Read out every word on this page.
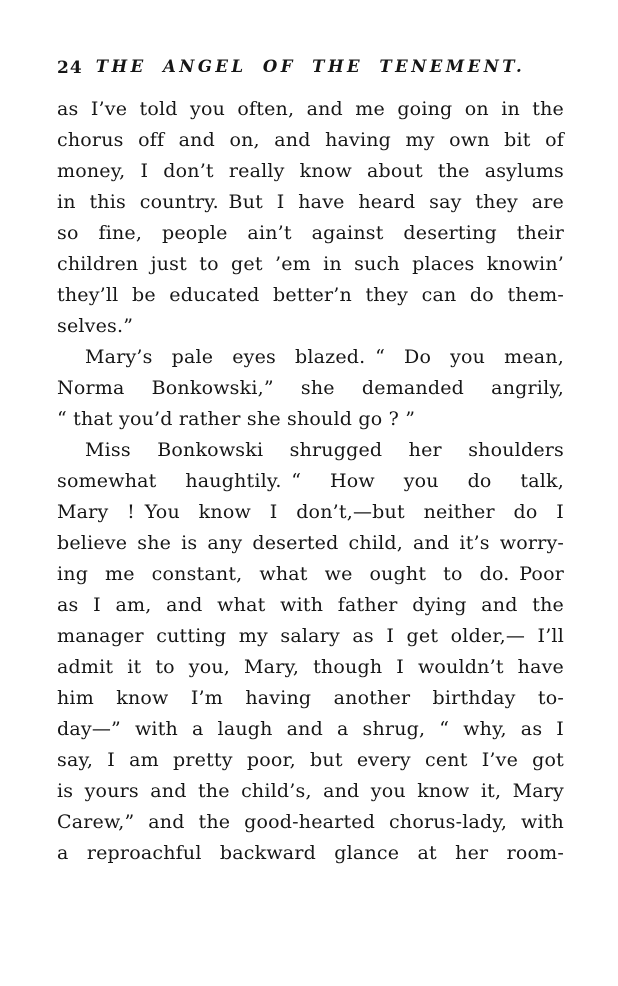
24 THE ANGEL OF THE TENEMENT.
as I’ve told you often, and me going on in the
chorus off and on, and having my own bit of
money, I don’t really know about the asylums
in this country. But I have heard say they are
so fine, people ain’t against deserting their
children just to get ’em in such places knowin’
they’ll be educated better’n they can do them-
selves.”
Mary’s pale eyes blazed. “ Do you mean,
Norma Bonkowski,” she demanded angrily,
“ that you’d rather she should go ? ”
Miss Bonkowski shrugged her shoulders
somewhat haughtily. “ How you do talk,
Mary ! You know I don’t,—but neither do I
believe she is any deserted child, and it’s worry-
ing me constant, what we ought to do. Poor
as I am, and what with father dying and the
manager cutting my salary as I get older,— I’ll
admit it to you, Mary, though I wouldn’t have
him know I’m having another birthday to-
day—” with a laugh and a shrug, “ why, as I
say, I am pretty poor, but every cent I’ve got
is yours and the child’s, and you know it, Mary
Carew,” and the good-hearted chorus-lady, with
a reproachful backward glance at her room-
